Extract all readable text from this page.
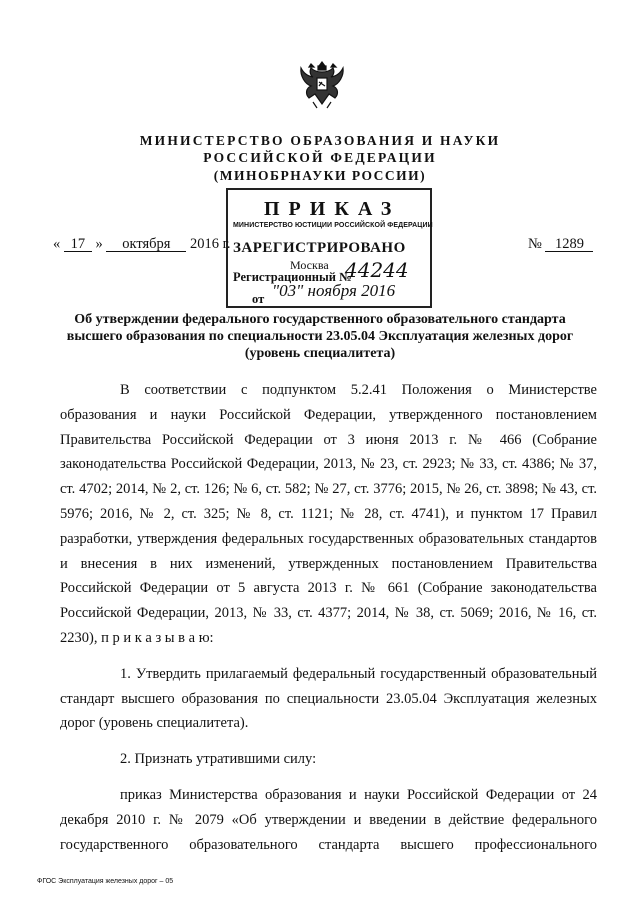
МИНИСТЕРСТВО ОБРАЗОВАНИЯ И НАУКИ
РОССИЙСКОЙ ФЕДЕРАЦИИ
(МИНОБРНАУКИ РОССИИ)
ПРИКАЗ
МИНИСТЕРСТВО ЮСТИЦИИ РОССИЙСКОЙ ФЕДЕРАЦИИ
ЗАРЕГИСТРИРОВАНО
Москва
Регистрационный №
44244
от "03" ноября 2016
« 17 » октября 2016 г.	№ 1289
Об утверждении федерального государственного образовательного стандарта
высшего образования по специальности 23.05.04 Эксплуатация железных дорог
(уровень специалитета)

В соответствии с подпунктом 5.2.41 Положения о Министерстве образования и науки Российской Федерации, утвержденного постановлением Правительства Российской Федерации от 3 июня 2013 г. № 466 (Собрание законодательства Российской Федерации, 2013, № 23, ст. 2923; № 33, ст. 4386; № 37, ст. 4702; 2014, № 2, ст. 126; № 6, ст. 582; № 27, ст. 3776; 2015, № 26, ст. 3898; № 43, ст. 5976; 2016, № 2, ст. 325; № 8, ст. 1121; № 28, ст. 4741), и пунктом 17 Правил разработки, утверждения федеральных государственных образовательных стандартов и внесения в них изменений, утвержденных постановлением Правительства Российской Федерации от 5 августа 2013 г. № 661 (Собрание законодательства Российской Федерации, 2013, № 33, ст. 4377; 2014, № 38, ст. 5069; 2016, № 16, ст. 2230), п р и к а з ы в а ю:

1. Утвердить прилагаемый федеральный государственный образовательный стандарт высшего образования по специальности 23.05.04 Эксплуатация железных дорог (уровень специалитета).

2. Признать утратившими силу:

приказ Министерства образования и науки Российской Федерации от 24 декабря 2010 г. № 2079 «Об утверждении и введении в действие федерального государственного образовательного стандарта высшего профессионального

ФГОС Эксплуатация железных дорог – 05
